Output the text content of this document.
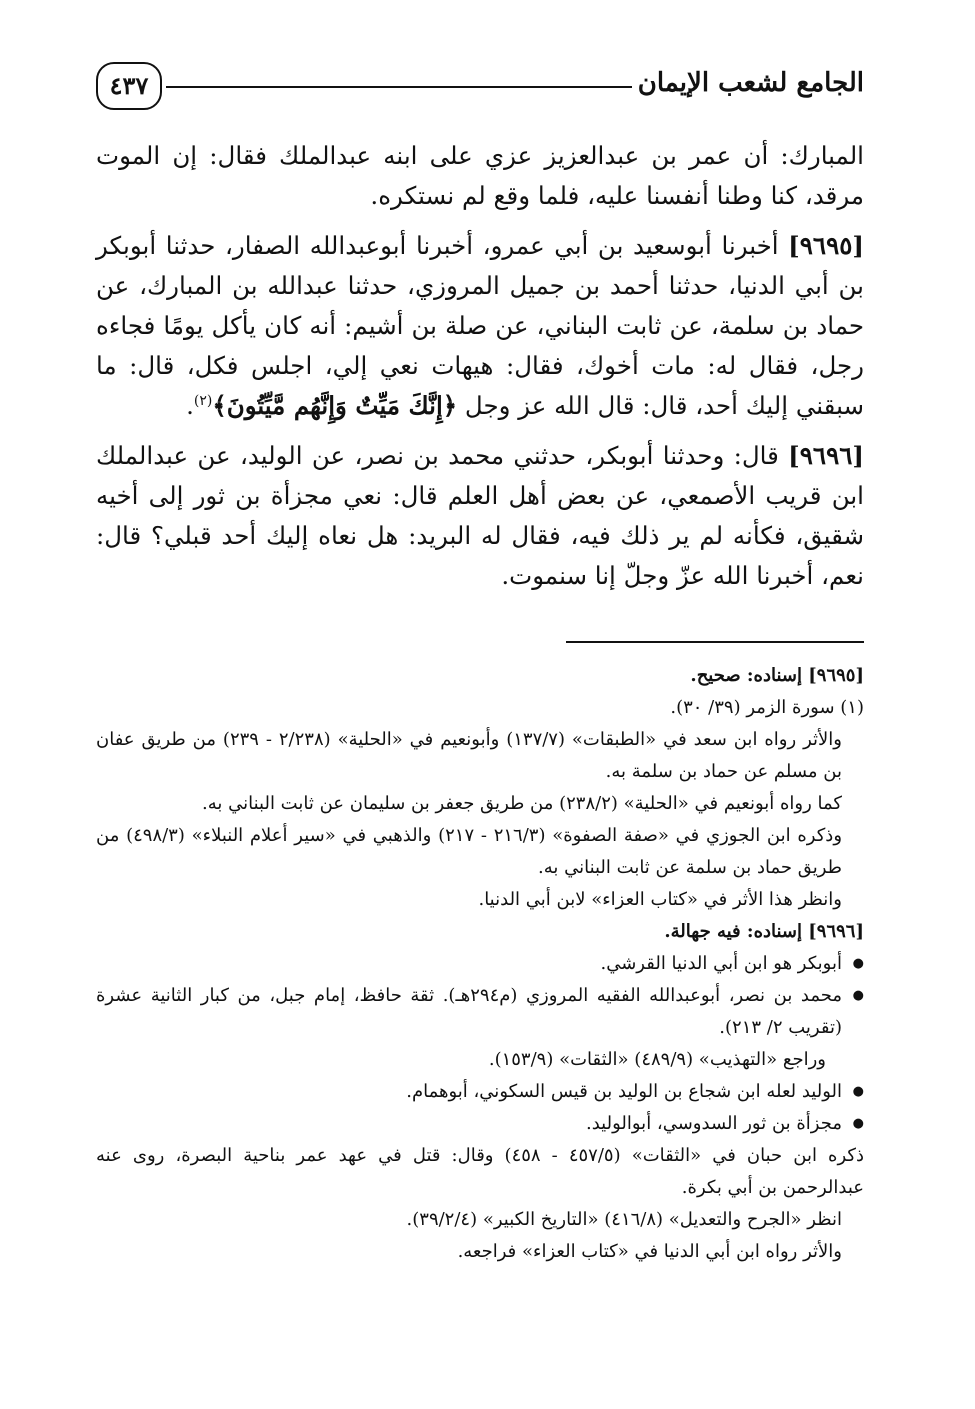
الجامع لشعب الإيمان
٤٣٧

المبارك: أن عمر بن عبدالعزيز عزي على ابنه عبدالملك فقال: إن الموت مرقد، كنا وطنا أنفسنا عليه، فلما وقع لم نستكره.

[٩٦٩٥] أخبرنا أبوسعيد بن أبي عمرو، أخبرنا أبوعبدالله الصفار، حدثنا أبوبكر بن أبي الدنيا، حدثنا أحمد بن جميل المروزي، حدثنا عبدالله بن المبارك، عن حماد بن سلمة، عن ثابت البناني، عن صلة بن أشيم: أنه كان يأكل يومًا فجاءه رجل، فقال له: مات أخوك، فقال: هيهات نعي إلي، اجلس فكل، قال: ما سبقني إليك أحد، قال: قال الله عز وجل ﴿إِنَّكَ مَيِّتٌ وَإِنَّهُم مَّيِّتُونَ﴾$^{(٢)}$.

[٩٦٩٦] قال: وحدثنا أبوبكر، حدثني محمد بن نصر، عن الوليد، عن عبدالملك ابن قريب الأصمعي، عن بعض أهل العلم قال: نعي مجزأة بن ثور إلى أخيه شقيق، فكأنه لم ير ذلك فيه، فقال له البريد: هل نعاه إليك أحد قبلي؟ قال: نعم، أخبرنا الله عزّ وجلّ إنا سنموت.

[٩٦٩٥] إسناده: صحيح.

(١) سورة الزمر (٣٩/ ٣٠).

والأثر رواه ابن سعد في «الطبقات» (١٣٧/٧) وأبونعيم في «الحلية» (٢/٢٣٨ - ٢٣٩) من طريق عفان بن مسلم عن حماد بن سلمة به.

كما رواه أبونعيم في «الحلية» (٢٣٨/٢) من طريق جعفر بن سليمان عن ثابت البناني به.

وذكره ابن الجوزي في «صفة الصفوة» (٢١٦/٣ - ٢١٧) والذهبي في «سير أعلام النبلاء» (٤٩٨/٣) من طريق حماد بن سلمة عن ثابت البناني به.

وانظر هذا الأثر في «كتاب العزاء» لابن أبي الدنيا.

[٩٦٩٦] إسناده: فيه جهالة.

● أبوبكر هو ابن أبي الدنيا القرشي.

● محمد بن نصر، أبوعبدالله الفقيه المروزي (م٢٩٤هـ). ثقة حافظ، إمام جبل، من كبار الثانية عشرة (تقريب ٢/ ٢١٣).

وراجع «التهذيب» (٤٨٩/٩) «الثقات» (١٥٣/٩).

● الوليد لعله ابن شجاع بن الوليد بن قيس السكوني، أبوهمام.

● مجزأة بن ثور السدوسي، أبوالوليد.

ذكره ابن حبان في «الثقات» (٤٥٧/٥ - ٤٥٨) وقال: قتل في عهد عمر بناحية البصرة، روى عنه عبدالرحمن بن أبي بكرة.

انظر «الجرح والتعديل» (٤١٦/٨) «التاريخ الكبير» (٣٩/٢/٤).

والأثر رواه ابن أبي الدنيا في «كتاب العزاء» فراجعه.
